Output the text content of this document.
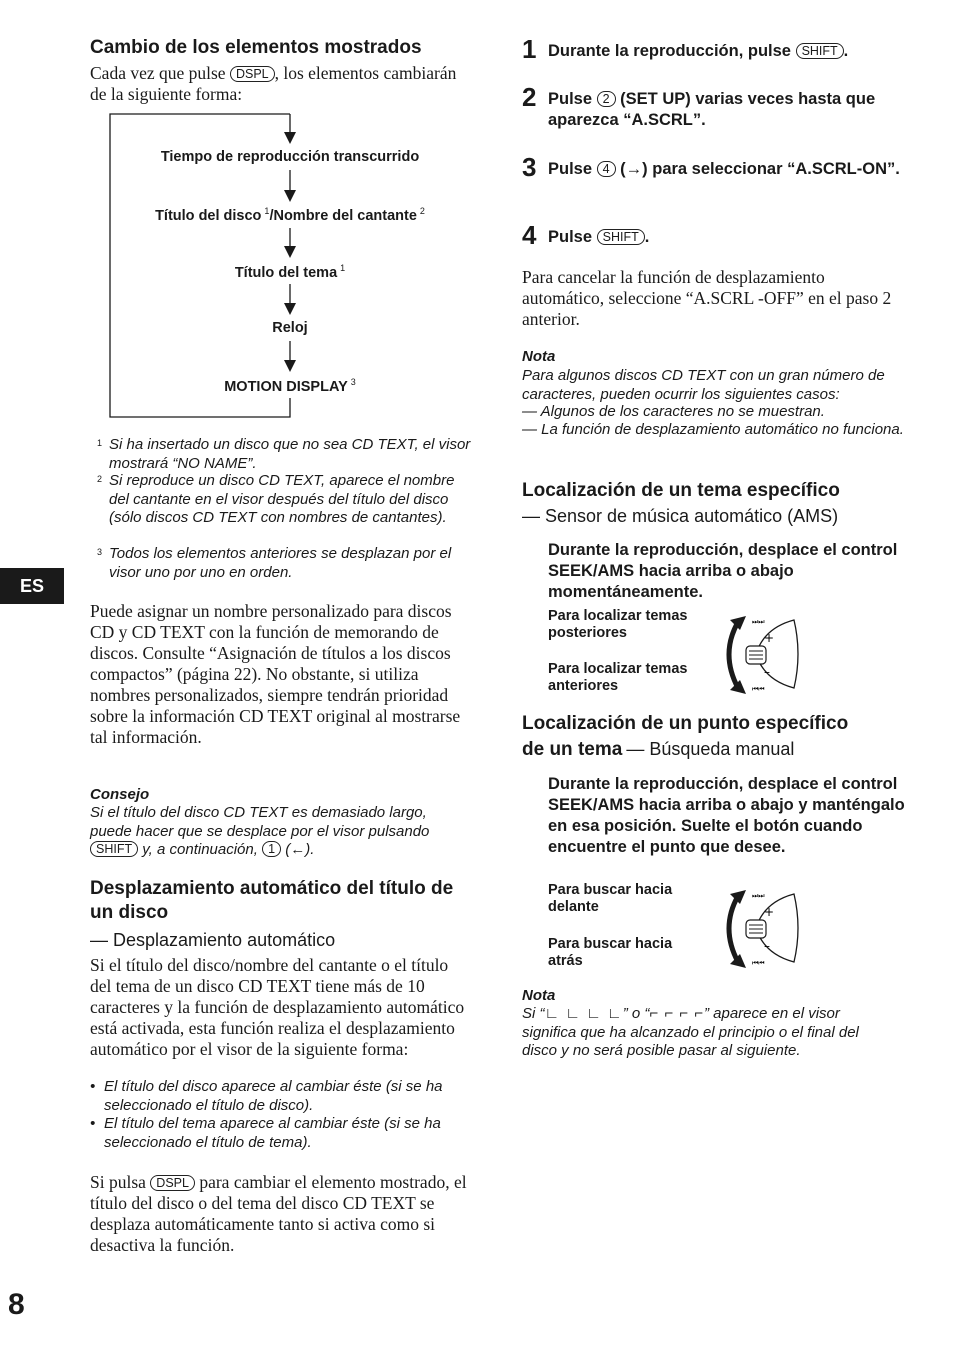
Cambio de los elementos mostrados
Cada vez que pulse DSPL , los elementos cambiarán de la siguiente forma:
Tiempo de reproducción transcurrido
Título del disco $^1$/Nombre del cantante $^2$
Título del tema $^1$
Reloj
MOTION DISPLAY $^3$
1 Si ha insertado un disco que no sea CD TEXT, el visor mostrará “NO NAME”.
2 Si reproduce un disco CD TEXT, aparece el nombre del cantante en el visor después del título del disco (sólo discos CD TEXT con nombres de cantantes).
3 Todos los elementos anteriores se desplazan por el visor uno por uno en orden.
ES
Puede asignar un nombre personalizado para discos CD y CD TEXT con la función de memorando de discos. Consulte “Asignación de títulos a los discos compactos” (página 22). No obstante, si utiliza nombres personalizados, siempre tendrán prioridad sobre la información CD TEXT original al mostrarse tal información.
Consejo
Si el título del disco CD TEXT es demasiado largo, puede hacer que se desplace por el visor pulsando SHIFT y, a continuación, 1 (←).
Desplazamiento automático del título de un disco
— Desplazamiento automático
Si el título del disco/nombre del cantante o el título del tema de un disco CD TEXT tiene más de 10 caracteres y la función de desplazamiento automático está activada, esta función realiza el desplazamiento automático por el visor de la siguiente forma:
• El título del disco aparece al cambiar éste (si se ha seleccionado el título de disco).
• El título del tema aparece al cambiar éste (si se ha seleccionado el título de tema).
Si pulsa DSPL para cambiar el elemento mostrado, el título del disco o del tema del disco CD TEXT se desplaza automáticamente tanto si activa como si desactiva la función.
8
1 Durante la reproducción, pulse SHIFT .
2 Pulse 2 (SET UP) varias veces hasta que aparezca “A.SCRL”.
3 Pulse 4 (→) para seleccionar “A.SCRL-ON”.
4 Pulse SHIFT .
Para cancelar la función de desplazamiento automático, seleccione “A.SCRL -OFF” en el paso 2 anterior.
Nota
Para algunos discos CD TEXT con un gran número de caracteres, pueden ocurrir los siguientes casos:
— Algunos de los caracteres no se muestran.
— La función de desplazamiento automático no funciona.
Localización de un tema específico
— Sensor de música automático (AMS)
Durante la reproducción, desplace el control SEEK/AMS hacia arriba o abajo momentáneamente.
Para localizar temas posteriores
Para localizar temas anteriores
+
–
⏭⏭
⏮⏮
Localización de un punto específico
de un tema — Búsqueda manual
Durante la reproducción, desplace el control SEEK/AMS hacia arriba o abajo y manténgalo en esa posición. Suelte el botón cuando encuentre el punto que desee.
Para buscar hacia delante
Para buscar hacia atrás
+
–
⏭⏭
⏮⏮
Nota
Si “∟ ∟ ∟ ∟” o “⌐ ⌐ ⌐ ⌐” aparece en el visor significa que ha alcanzado el principio o el final del disco y no será posible pasar al siguiente.
